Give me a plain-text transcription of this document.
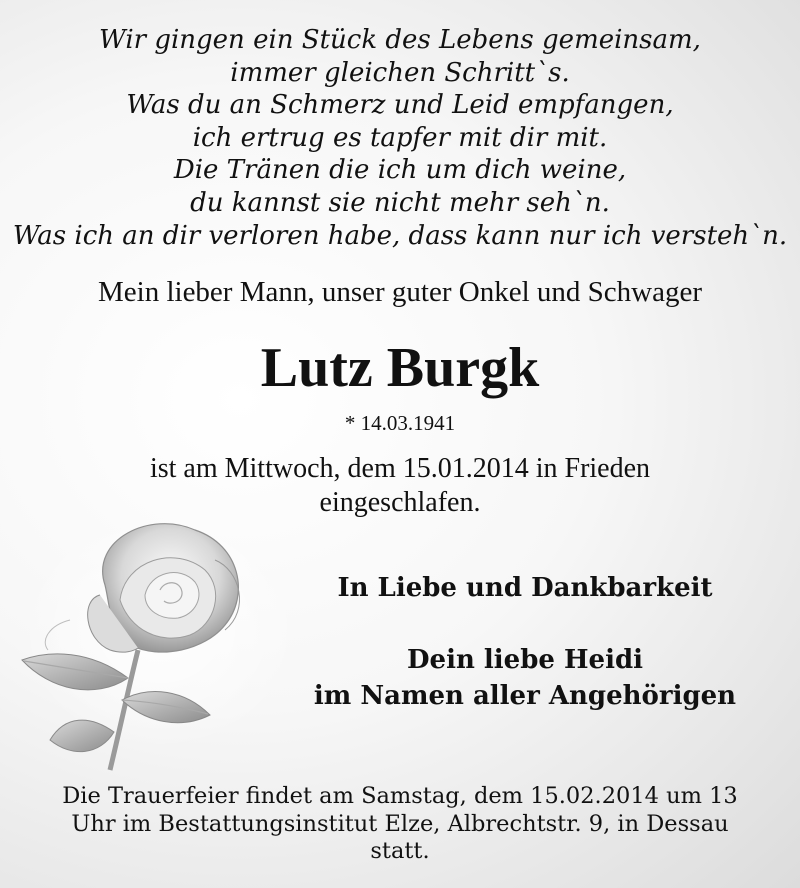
Wir gingen ein Stück des Lebens gemeinsam,
immer gleichen Schritt`s.
Was du an Schmerz und Leid empfangen,
ich ertrug es tapfer mit dir mit.
Die Tränen die ich um dich weine,
du kannst sie nicht mehr seh`n.
Was ich an dir verloren habe, dass kann nur ich versteh`n.
Mein lieber Mann, unser guter Onkel und Schwager
Lutz Burgk
* 14.03.1941
ist am Mittwoch, dem 15.01.2014 in Frieden
eingeschlafen.
In Liebe und Dankbarkeit
Dein liebe Heidi
im Namen aller Angehörigen
Die Trauerfeier findet am Samstag, dem 15.02.2014 um 13
Uhr im Bestattungsinstitut Elze, Albrechtstr. 9, in Dessau
statt.
